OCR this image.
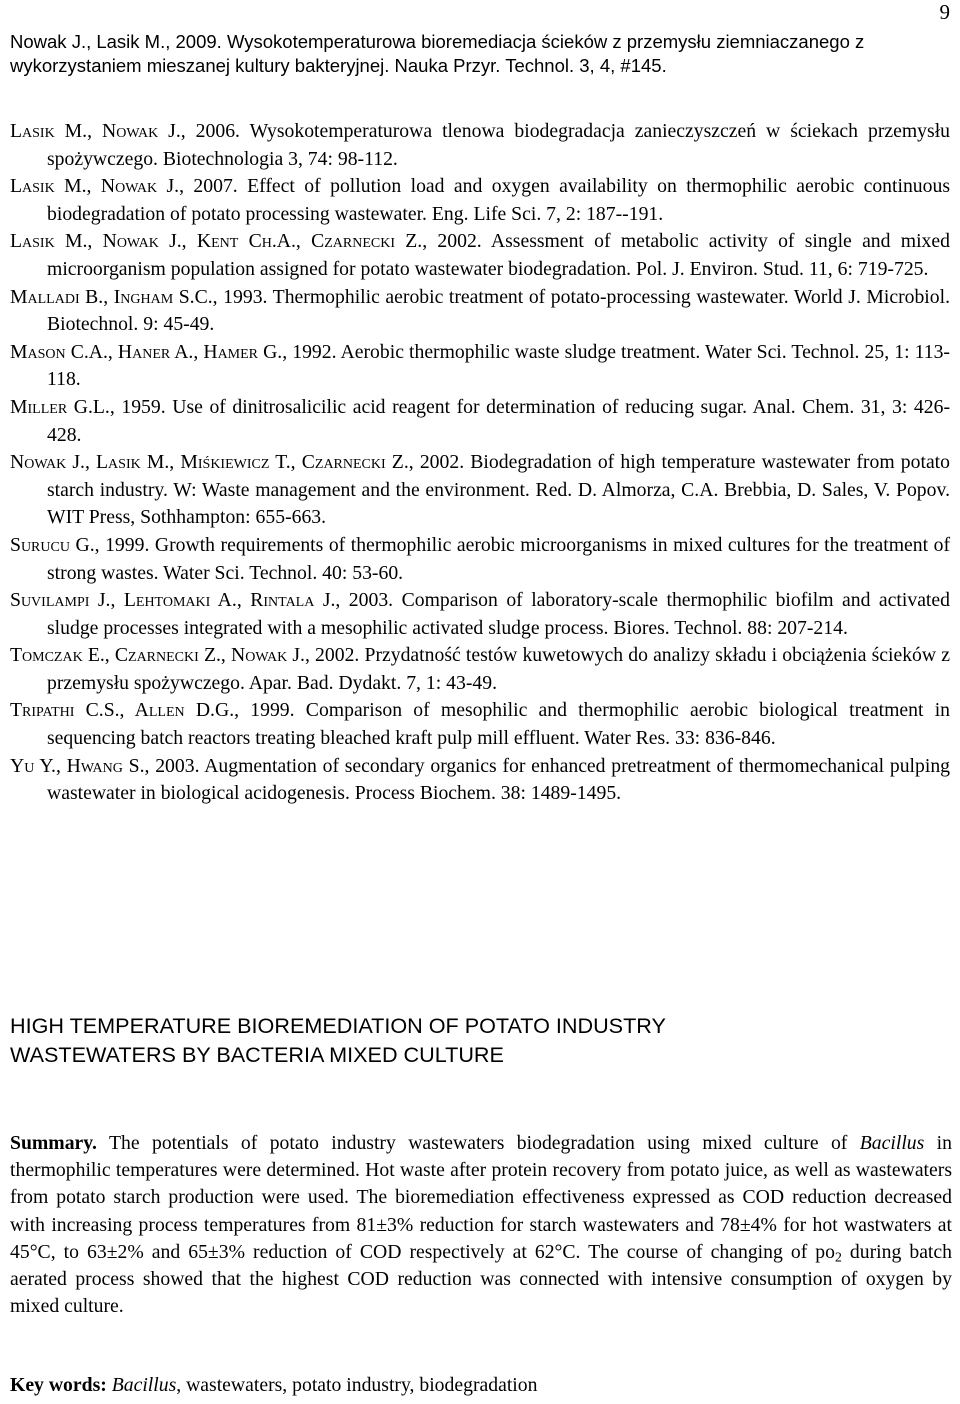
9

Nowak J., Lasik M., 2009. Wysokotemperaturowa bioremediacja ścieków z przemysłu ziemniaczanego z wykorzystaniem mieszanej kultury bakteryjnej. Nauka Przyr. Technol. 3, 4, #145.

Lasik M., Nowak J., 2006. Wysokotemperaturowa tlenowa biodegradacja zanieczyszczeń w ściekach przemysłu spożywczego. Biotechnologia 3, 74: 98-112.
Lasik M., Nowak J., 2007. Effect of pollution load and oxygen availability on thermophilic aerobic continuous biodegradation of potato processing wastewater. Eng. Life Sci. 7, 2: 187--191.
Lasik M., Nowak J., Kent Ch.A., Czarnecki Z., 2002. Assessment of metabolic activity of single and mixed microorganism population assigned for potato wastewater biodegradation. Pol. J. Environ. Stud. 11, 6: 719-725.
Malladi B., Ingham S.C., 1993. Thermophilic aerobic treatment of potato-processing wastewater. World J. Microbiol. Biotechnol. 9: 45-49.
Mason C.A., Haner A., Hamer G., 1992. Aerobic thermophilic waste sludge treatment. Water Sci. Technol. 25, 1: 113-118.
Miller G.L., 1959. Use of dinitrosalicilic acid reagent for determination of reducing sugar. Anal. Chem. 31, 3: 426-428.
Nowak J., Lasik M., Miśkiewicz T., Czarnecki Z., 2002. Biodegradation of high temperature wastewater from potato starch industry. W: Waste management and the environment. Red. D. Almorza, C.A. Brebbia, D. Sales, V. Popov. WIT Press, Sothhampton: 655-663.
Surucu G., 1999. Growth requirements of thermophilic aerobic microorganisms in mixed cultures for the treatment of strong wastes. Water Sci. Technol. 40: 53-60.
Suvilampi J., Lehtomaki A., Rintala J., 2003. Comparison of laboratory-scale thermophilic biofilm and activated sludge processes integrated with a mesophilic activated sludge process. Biores. Technol. 88: 207-214.
Tomczak E., Czarnecki Z., Nowak J., 2002. Przydatność testów kuwetowych do analizy składu i obciążenia ścieków z przemysłu spożywczego. Apar. Bad. Dydakt. 7, 1: 43-49.
Tripathi C.S., Allen D.G., 1999. Comparison of mesophilic and thermophilic aerobic biological treatment in sequencing batch reactors treating bleached kraft pulp mill effluent. Water Res. 33: 836-846.
Yu Y., Hwang S., 2003. Augmentation of secondary organics for enhanced pretreatment of thermomechanical pulping wastewater in biological acidogenesis. Process Biochem. 38: 1489-1495.
HIGH TEMPERATURE BIOREMEDIATION OF POTATO INDUSTRY
WASTEWATERS BY BACTERIA MIXED CULTURE

Summary. The potentials of potato industry wastewaters biodegradation using mixed culture of Bacillus in thermophilic temperatures were determined. Hot waste after protein recovery from potato juice, as well as wastewaters from potato starch production were used. The bioremediation effectiveness expressed as COD reduction decreased with increasing process temperatures from 81±3% reduction for starch wastewaters and 78±4% for hot wastwaters at 45°C, to 63±2% and 65±3% reduction of COD respectively at 62°C. The course of changing of $po_2$ during batch aerated process showed that the highest COD reduction was connected with intensive consumption of oxygen by mixed culture.

Key words: Bacillus, wastewaters, potato industry, biodegradation
